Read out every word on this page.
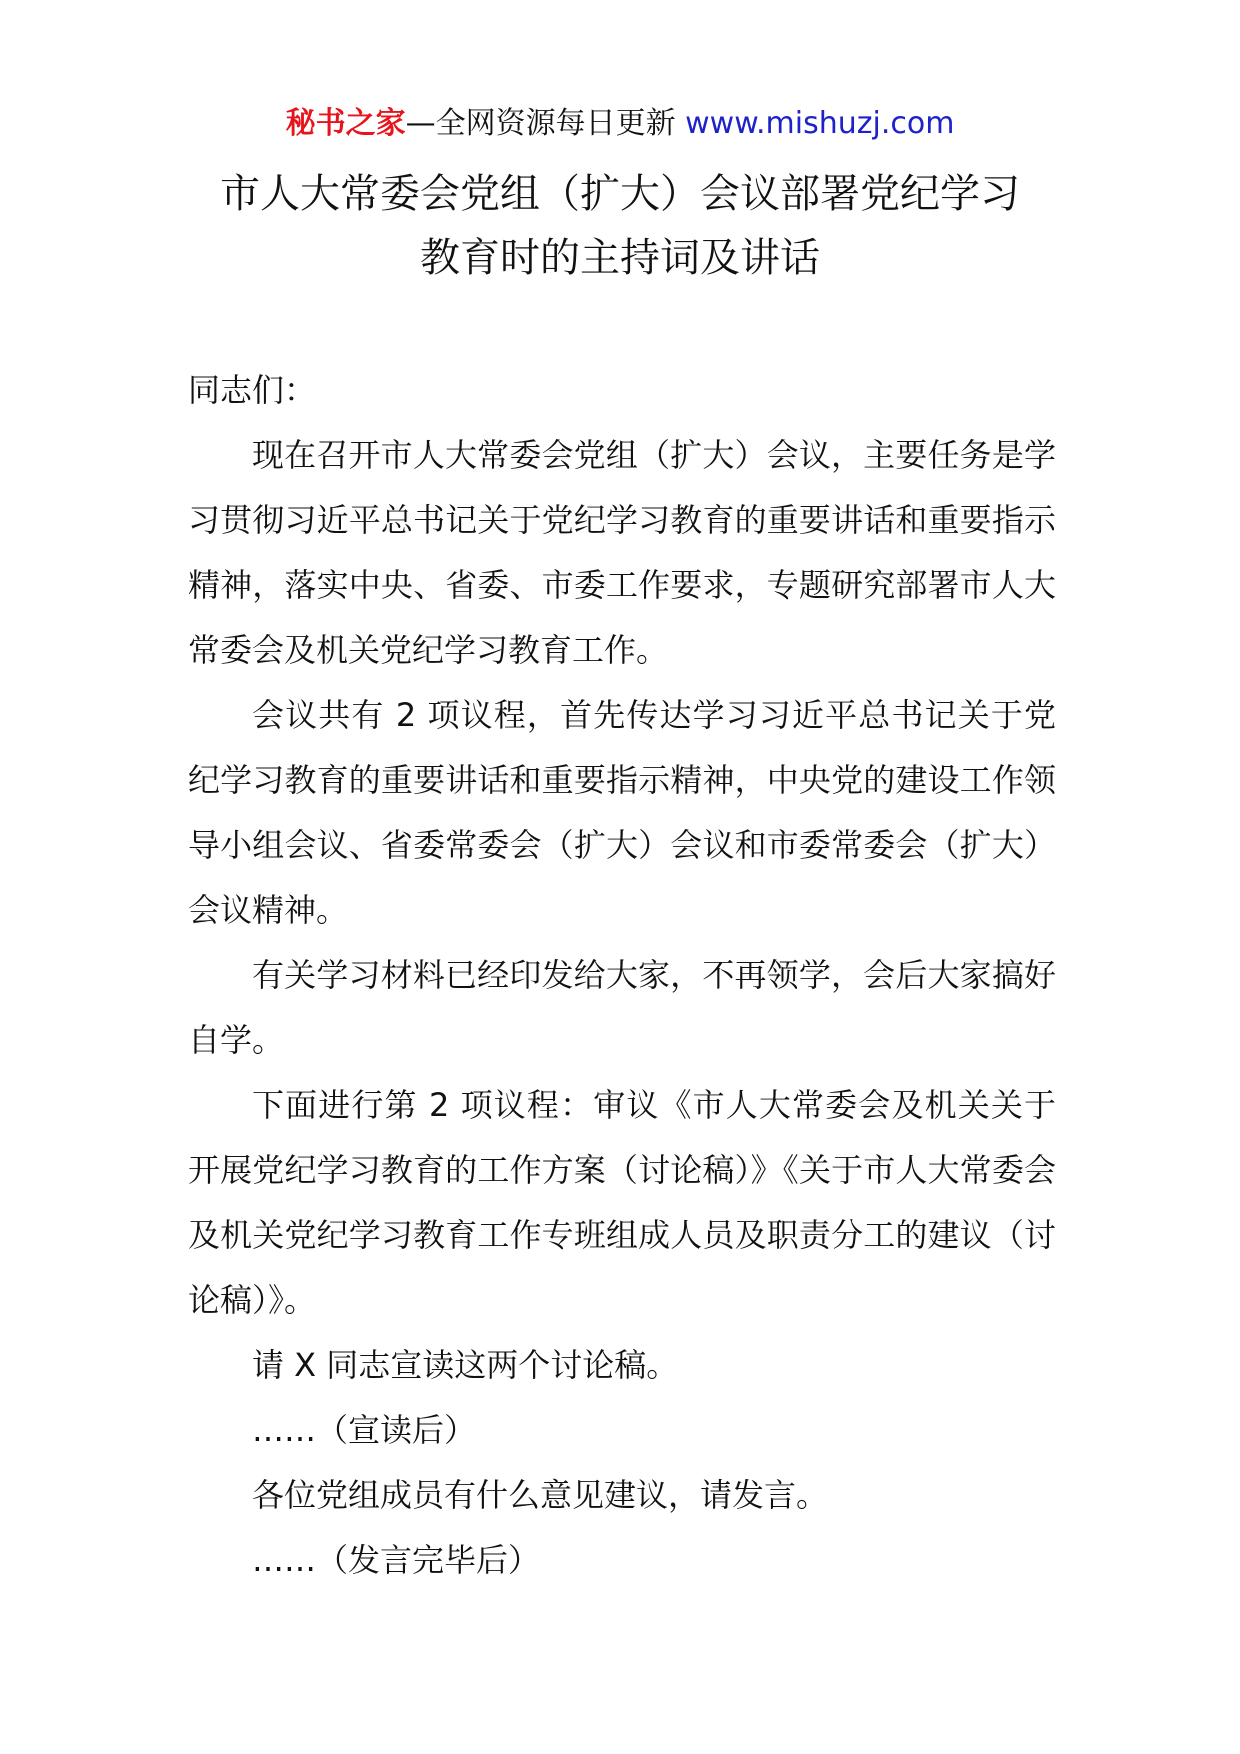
秘书之家—全网资源每日更新 www.mishuzj.com
市人大常委会党组（扩大）会议部署党纪学习
教育时的主持词及讲话

同志们：

现在召开市人大常委会党组（扩大）会议，主要任务是学习贯彻习近平总书记关于党纪学习教育的重要讲话和重要指示精神，落实中央、省委、市委工作要求，专题研究部署市人大常委会及机关党纪学习教育工作。

会议共有 2 项议程，首先传达学习习近平总书记关于党纪学习教育的重要讲话和重要指示精神，中央党的建设工作领导小组会议、省委常委会（扩大）会议和市委常委会（扩大）会议精神。

有关学习材料已经印发给大家，不再领学，会后大家搞好自学。

下面进行第 2 项议程：审议《市人大常委会及机关关于开展党纪学习教育的工作方案（讨论稿）》《关于市人大常委会及机关党纪学习教育工作专班组成人员及职责分工的建议（讨论稿）》。

请 X 同志宣读这两个讨论稿。

……（宣读后）

各位党组成员有什么意见建议，请发言。

……（发言完毕后）
